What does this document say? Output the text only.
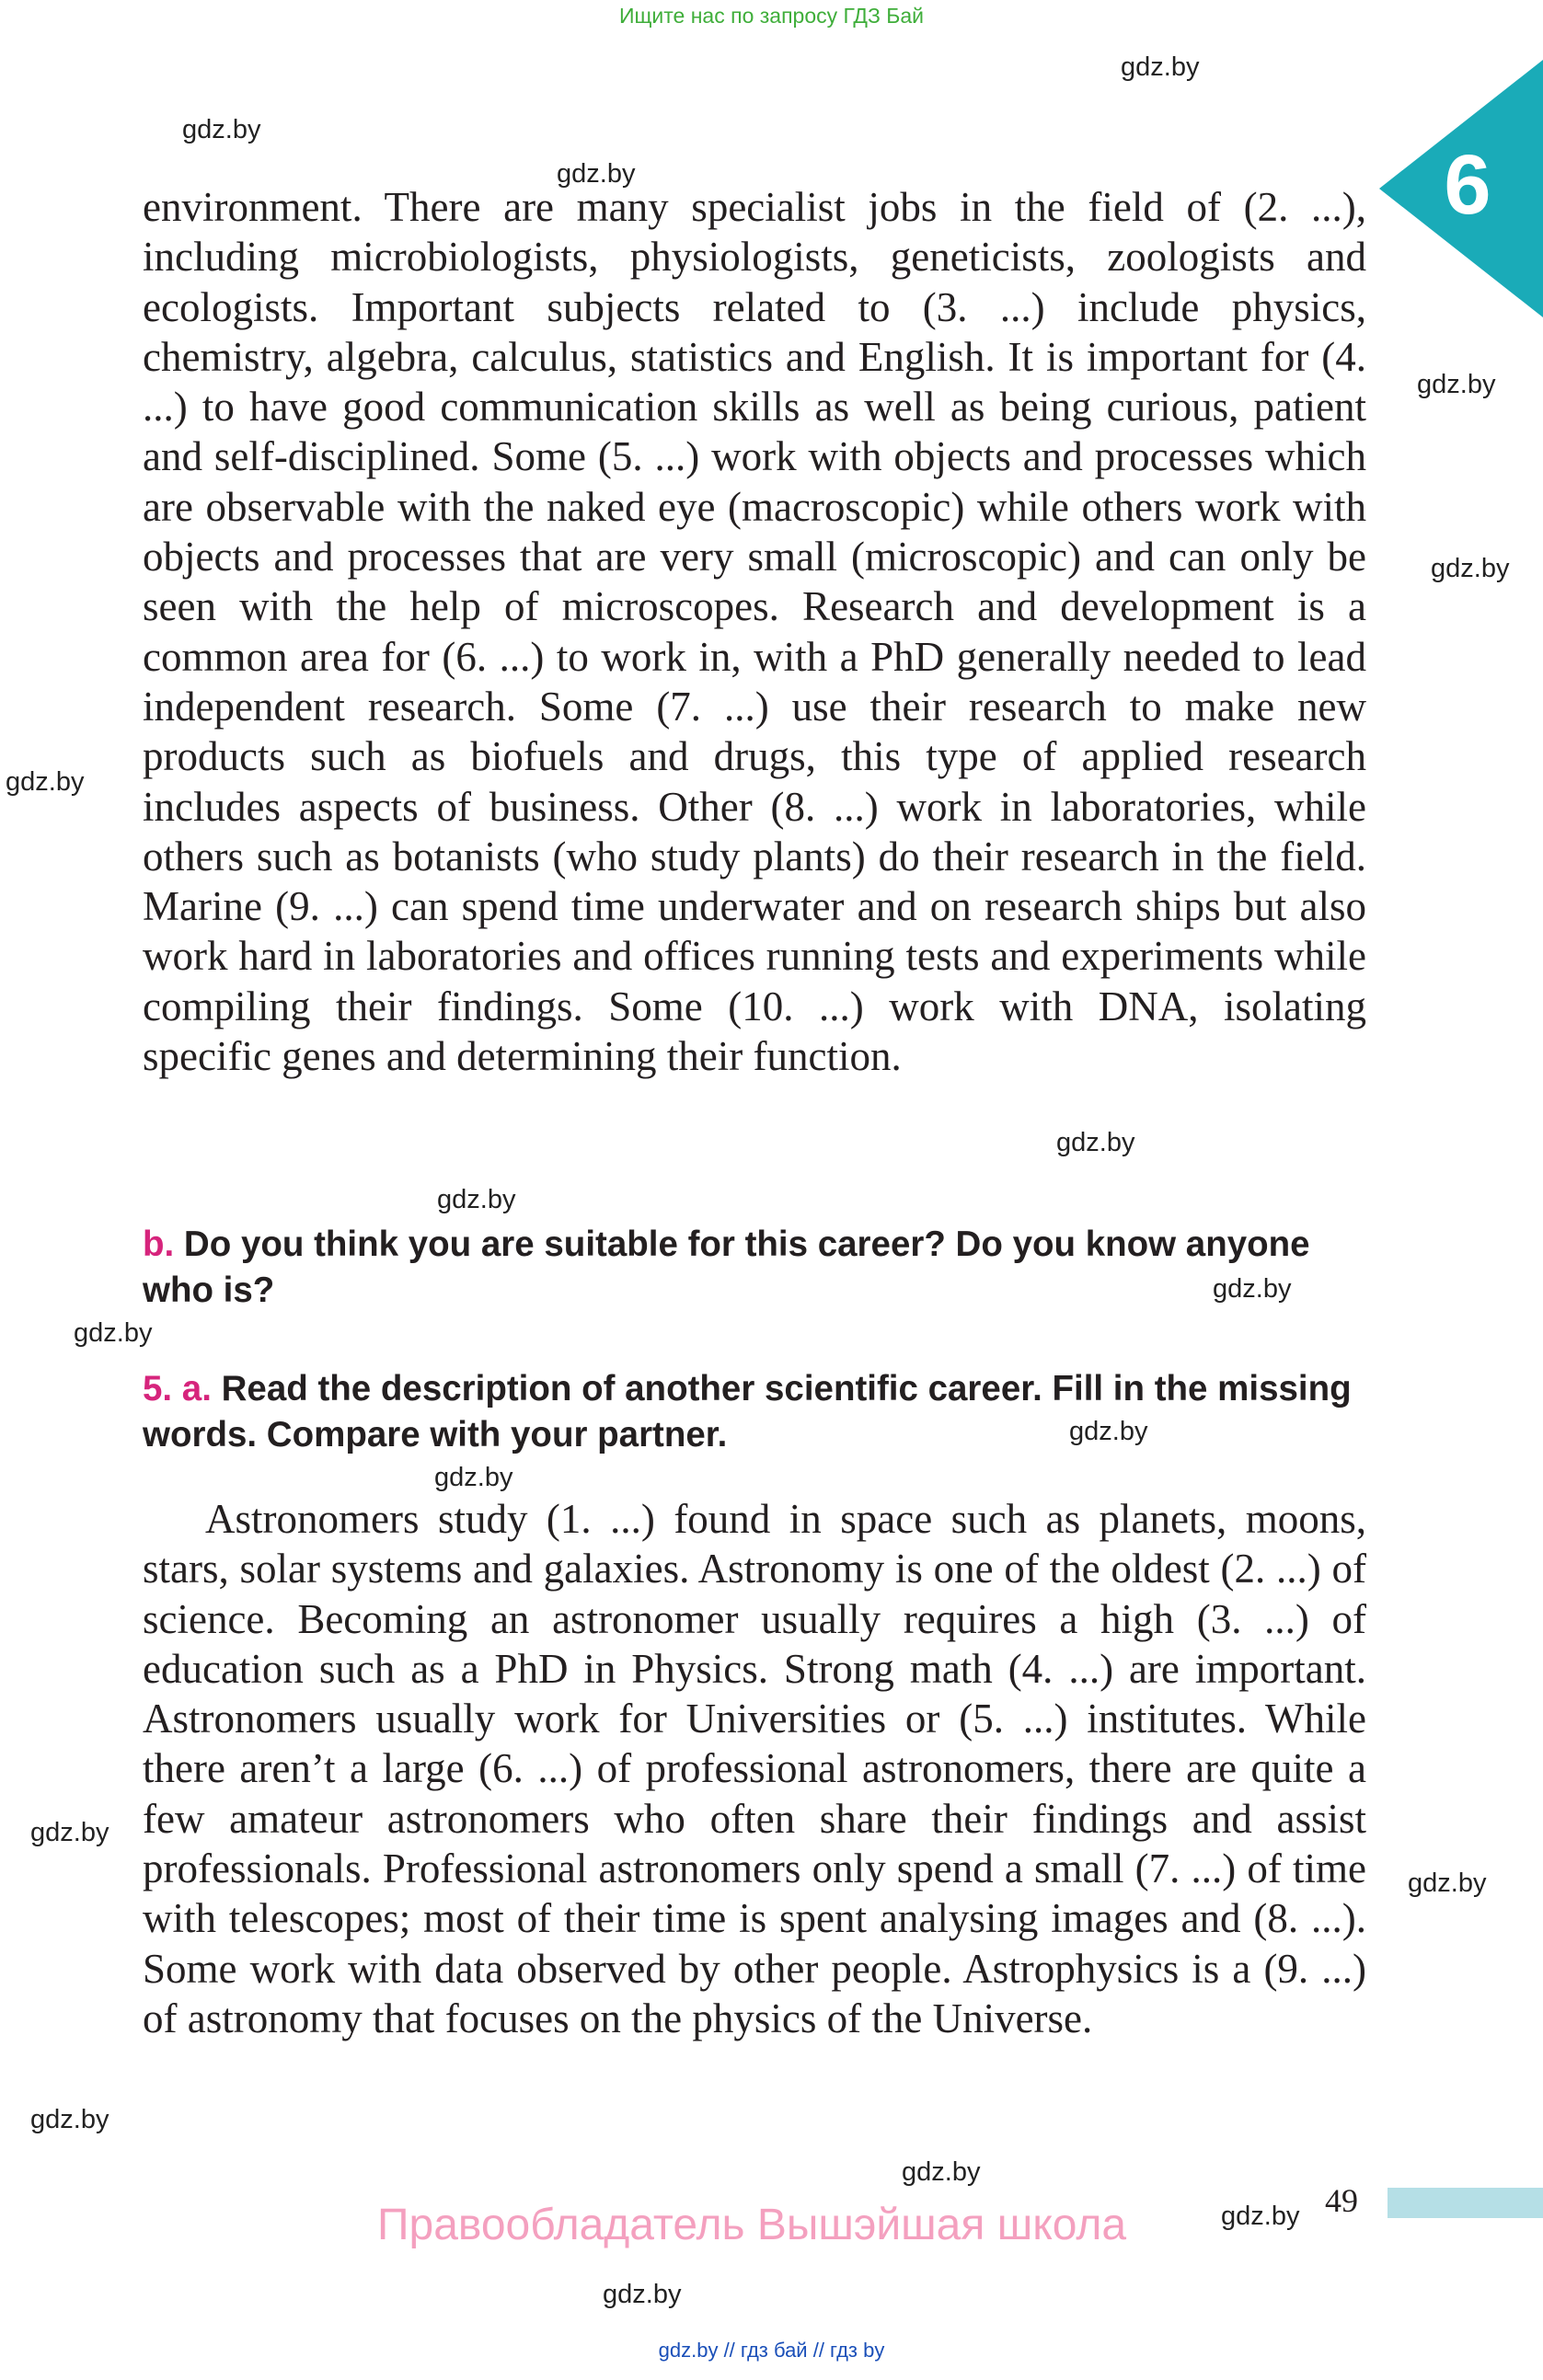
Ищите нас по запросу ГДЗ Бай
6
gdz.by
gdz.by
gdz.by
gdz.by
gdz.by
gdz.by
gdz.by
gdz.by
gdz.by
gdz.by
gdz.by
gdz.by
gdz.by
gdz.by
gdz.by
gdz.by
gdz.by
gdz.by

environment. There are many specialist jobs in the field of (2. ...), including microbiologists, physiologists, geneticists, zoologists and ecologists. Important subjects related to (3. ...) include physics, chemistry, algebra, calculus, statistics and English. It is important for (4. ...) to have good communication skills as well as being curious, patient and self-disciplined. Some (5. ...) work with objects and processes which are observable with the naked eye (macroscopic) while others work with objects and processes that are very small (microscopic) and can only be seen with the help of microscopes. Research and development is a common area for (6. ...) to work in, with a PhD generally needed to lead independent research. Some (7. ...) use their research to make new products such as biofuels and drugs, this type of applied research includes aspects of business. Other (8. ...) work in laboratories, while others such as botanists (who study plants) do their research in the field. Marine (9. ...) can spend time underwater and on research ships but also work hard in laboratories and offices running tests and experiments while compiling their findings. Some (10. ...) work with DNA, isolating specific genes and determining their function.

b. Do you think you are suitable for this career? Do you know anyone who is?

5. a. Read the description of another scientific career. Fill in the missing words. Compare with your partner.

Astronomers study (1. ...) found in space such as planets, moons, stars, solar systems and galaxies. Astronomy is one of the oldest (2. ...) of science. Becoming an astronomer usually requires a high (3. ...) of education such as a PhD in Physics. Strong math (4. ...) are important. Astronomers usually work for Universities or (5. ...) institutes. While there aren’t a large (6. ...) of professional astronomers, there are quite a few amateur astronomers who often share their findings and assist professionals. Professional astronomers only spend a small (7. ...) of time with telescopes; most of their time is spent analysing images and (8. ...). Some work with data observed by other people. Astrophysics is a (9. ...) of astronomy that focuses on the physics of the Universe.

Правообладатель Вышэйшая школа	49
gdz.by // гдз бай // гдз by
